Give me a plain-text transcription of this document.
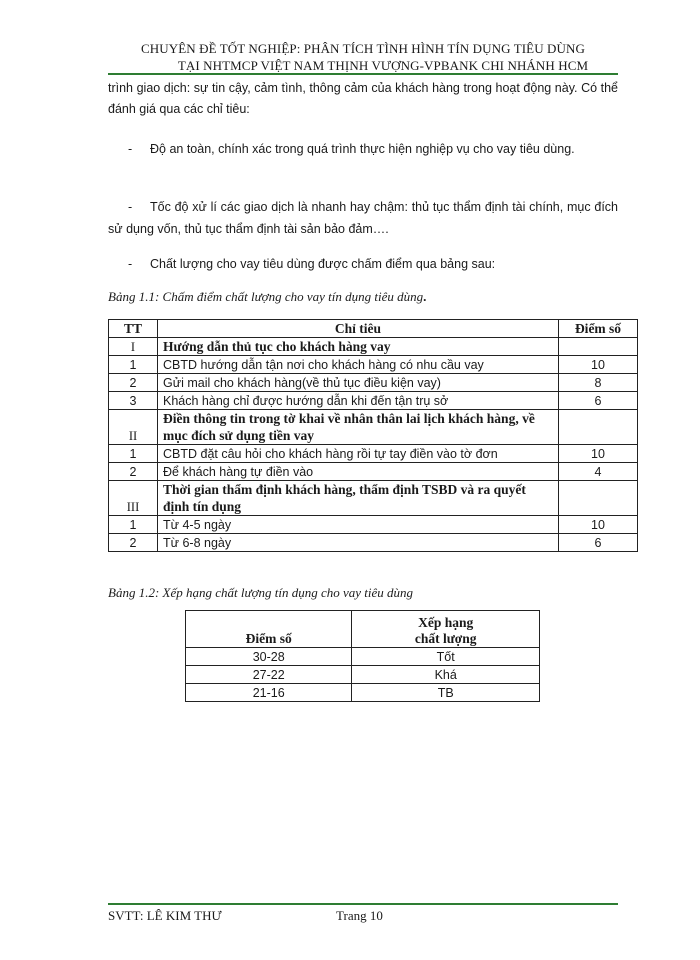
CHUYÊN ĐỀ TỐT NGHIỆP: PHÂN TÍCH TÌNH HÌNH TÍN DỤNG TIÊU DÙNG
TẠI NHTMCP VIỆT NAM THỊNH VƯỢNG-VPBANK CHI NHÁNH HCM
trình giao dịch: sự tin cậy, cảm tình, thông cảm của khách hàng trong hoạt động này. Có thể đánh giá qua các chỉ tiêu:
- Độ an toàn, chính xác trong quá trình thực hiện nghiệp vụ cho vay tiêu dùng.
- Tốc độ xử lí các giao dịch là nhanh hay chậm: thủ tục thẩm định tài chính, mục đích sử dụng vốn, thủ tục thẩm định tài sản bảo đảm….
- Chất lượng cho vay tiêu dùng được chấm điểm qua bảng sau:
Bảng 1.1: Chấm điểm chất lượng cho vay tín dụng tiêu dùng.
TT	Chỉ tiêu	Điểm số
I	Hướng dẫn thủ tục cho khách hàng vay	
1	CBTD hướng dẫn tận nơi cho khách hàng có nhu cầu vay	10
2	Gửi mail cho khách hàng(về thủ tục điều kiện vay)	8
3	Khách hàng chỉ được hướng dẫn khi đến tận trụ sở	6
II	Điền thông tin trong tờ khai về nhân thân lai lịch khách hàng, về mục đích sử dụng tiền vay	
1	CBTD đặt câu hỏi cho khách hàng rồi tự tay điền vào tờ đơn	10
2	Để khách hàng tự điền vào	4
III	Thời gian thẩm định khách hàng, thẩm định TSBD và ra quyết định tín dụng	
1	Từ 4-5 ngày	10
2	Từ 6-8 ngày	6
Bảng 1.2: Xếp hạng chất lượng tín dụng cho vay tiêu dùng
Điểm số	Xếp hạng
chất lượng

30-28	Tốt
27-22	Khá
21-16	TB
SVTT: LÊ KIM THƯ	Trang 10
